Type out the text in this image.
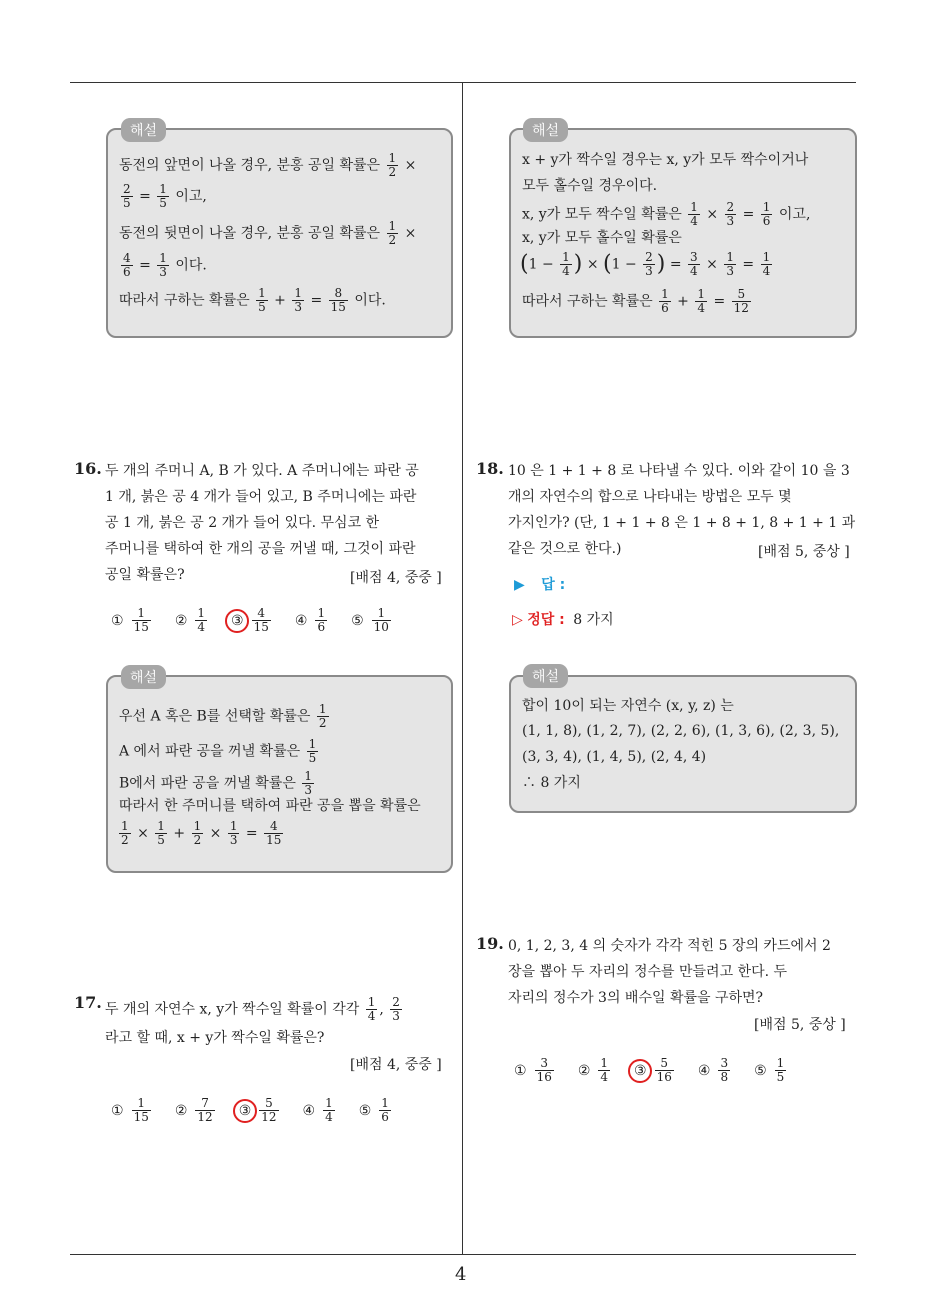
4
해설
동전의 앞면이 나올 경우, 분홍 공일 확률은 $\frac{1}{2}$ ×
$\frac{2}{5} = \frac{1}{5}$ 이고,
동전의 뒷면이 나올 경우, 분홍 공일 확률은 $\frac{1}{2}$ ×
$\frac{4}{6} = \frac{1}{3}$ 이다.
따라서 구하는 확률은 $\frac{1}{5} + \frac{1}{3} = \frac{8}{15}$ 이다.
해설
x + y가 짝수일 경우는 x, y가 모두 짝수이거나
모두 홀수일 경우이다.
x, y가 모두 짝수일 확률은 $\frac{1}{4} \times \frac{2}{3} = \frac{1}{6}$ 이고,
x, y가 모두 홀수일 확률은
($1 - \frac{1}{4}$ ) × ($1 - \frac{2}{3}$ ) = $\frac{3}{4} \times \frac{1}{3} = \frac{1}{4}$
따라서 구하는 확률은 $\frac{1}{6} + \frac{1}{4} = \frac{5}{12}$
16. 두 개의 주머니 A, B 가 있다. A 주머니에는 파란 공
1 개, 붉은 공 4 개가 들어 있고, B 주머니에는 파란
공 1 개, 붉은 공 2 개가 들어 있다. 무심코 한
주머니를 택하여 한 개의 공을 꺼낼 때, 그것이 파란
공일 확률은?	[배점 4, 중중 ]
① $\frac{1}{15}$ ② $\frac{1}{4}$ ③ $\frac{4}{15}$ ④ $\frac{1}{6}$ ⑤ $\frac{1}{10}$
해설
우선 A 혹은 B를 선택할 확률은 $\frac{1}{2}$
A 에서 파란 공을 꺼낼 확률은 $\frac{1}{5}$
B에서 파란 공을 꺼낼 확률은 $\frac{1}{3}$
따라서 한 주머니를 택하여 파란 공을 뽑을 확률은
$\frac{1}{2} \times \frac{1}{5} + \frac{1}{2} \times \frac{1}{3} = \frac{4}{15}$
17. 두 개의 자연수 x, y가 짝수일 확률이 각각 $\frac{1}{4}$ , $\frac{2}{3}$
라고 할 때, x + y가 짝수일 확률은?
[배점 4, 중중 ]
① $\frac{1}{15}$ ② $\frac{7}{12}$ ③ $\frac{5}{12}$ ④ $\frac{1}{4}$ ⑤ $\frac{1}{6}$
18. 10 은 1 + 1 + 8 로 나타낼 수 있다. 이와 같이 10 을 3
개의 자연수의 합으로 나타내는 방법은 모두 몇
가지인가? (단, 1 + 1 + 8 은 1 + 8 + 1, 8 + 1 + 1 과
같은 것으로 한다.)	[배점 5, 중상 ]
▶ 답 :
▷ 정답 : 8 가지
해설
합이 10이 되는 자연수 (x, y, z) 는
(1, 1, 8), (1, 2, 7), (2, 2, 6), (1, 3, 6), (2, 3, 5),
(3, 3, 4), (1, 4, 5), (2, 4, 4)
∴ 8 가지
19. 0, 1, 2, 3, 4 의 숫자가 각각 적힌 5 장의 카드에서 2
장을 뽑아 두 자리의 정수를 만들려고 한다. 두
자리의 정수가 3의 배수일 확률을 구하면?
[배점 5, 중상 ]
① $\frac{3}{16}$ ② $\frac{1}{4}$ ③ $\frac{5}{16}$ ④ $\frac{3}{8}$ ⑤ $\frac{1}{5}$
